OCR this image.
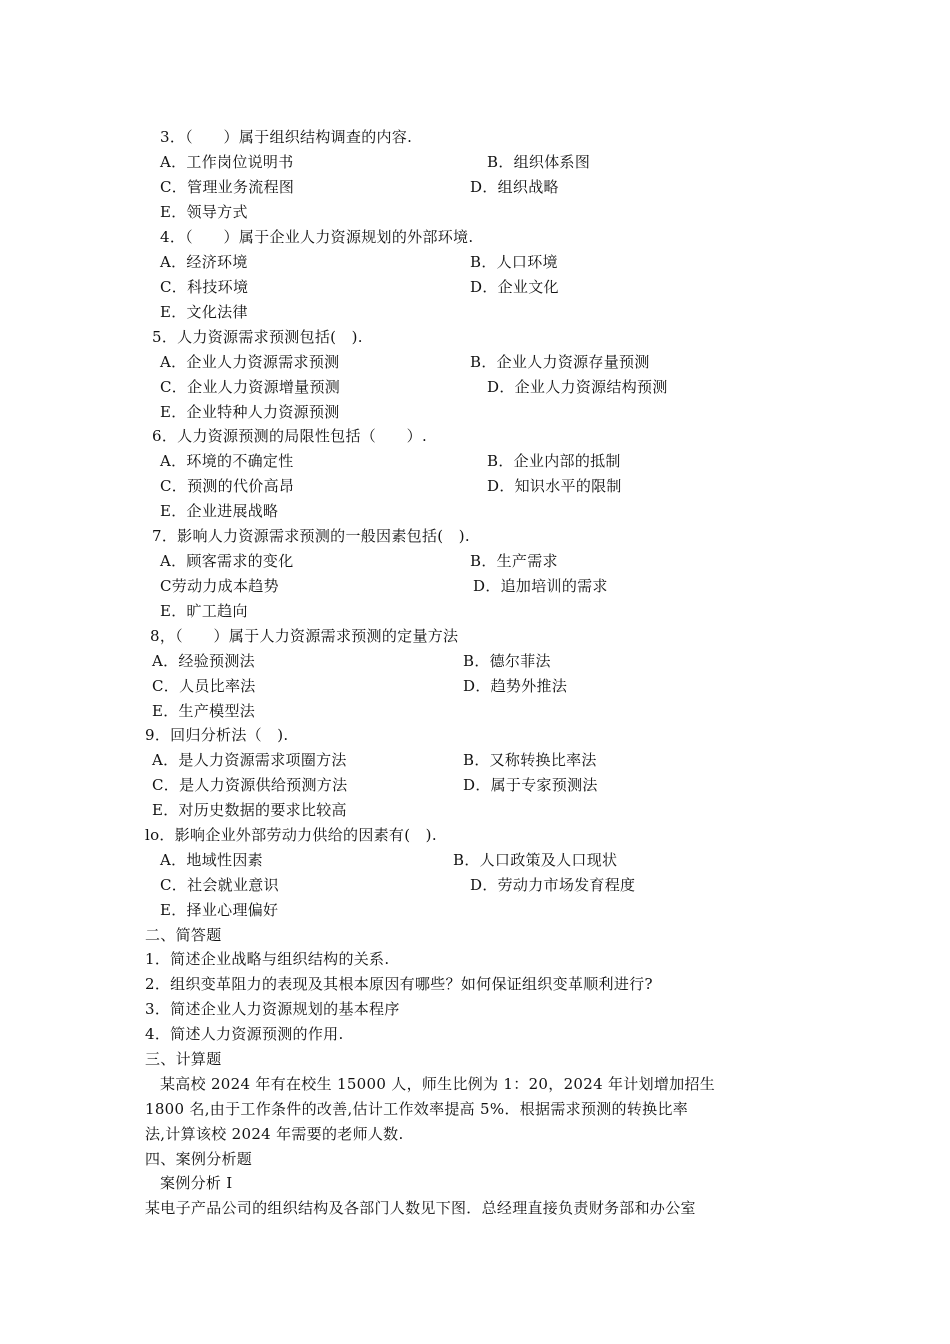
3．（　　）属于组织结构调查的内容.
A．工作岗位说明书	B．组织体系图
C．管理业务流程图	D．组织战略
E．领导方式
4．（　　）属于企业人力资源规划的外部环境.
A．经济环境	B．人口环境
C．科技环境	D．企业文化
E．文化法律
5．人力资源需求预测包括(　).
A．企业人力资源需求预测	B．企业人力资源存量预测
C．企业人力资源增量预测	D．企业人力资源结构预测
E．企业特种人力资源预测
6．人力资源预测的局限性包括（　　）.
A．环境的不确定性	B．企业内部的抵制
C．预测的代价高昂	D．知识水平的限制
E．企业进展战略
7．影响人力资源需求预测的一般因素包括(　).
A．顾客需求的变化	B．生产需求
C劳动力成本趋势	D．追加培训的需求
E．旷工趋向
8，（　　）属于人力资源需求预测的定量方法
A．经验预测法	B．德尔菲法
C．人员比率法	D．趋势外推法
E．生产模型法
9．回归分析法（　).
A．是人力资源需求项圈方法	B．又称转换比率法
C．是人力资源供给预测方法	D．属于专家预测法
E．对历史数据的要求比较高
lo．影响企业外部劳动力供给的因素有(　).
A．地域性因素	B．人口政策及人口现状
C．社会就业意识	D．劳动力市场发育程度
E．择业心理偏好
二、简答题
1．简述企业战略与组织结构的关系.
2．组织变革阻力的表现及其根本原因有哪些？如何保证组织变革顺利进行?
3．简述企业人力资源规划的基本程序
4．简述人力资源预测的作用.
三、计算题
某高校 2024 年有在校生 15000 人，师生比例为 1：20，2024 年计划增加招生
1800 名,由于工作条件的改善,估计工作效率提高 5%．根据需求预测的转换比率
法,计算该校 2024 年需要的老师人数.
四、案例分析题
案例分析 I
某电子产品公司的组织结构及各部门人数见下图．总经理直接负责财务部和办公室
